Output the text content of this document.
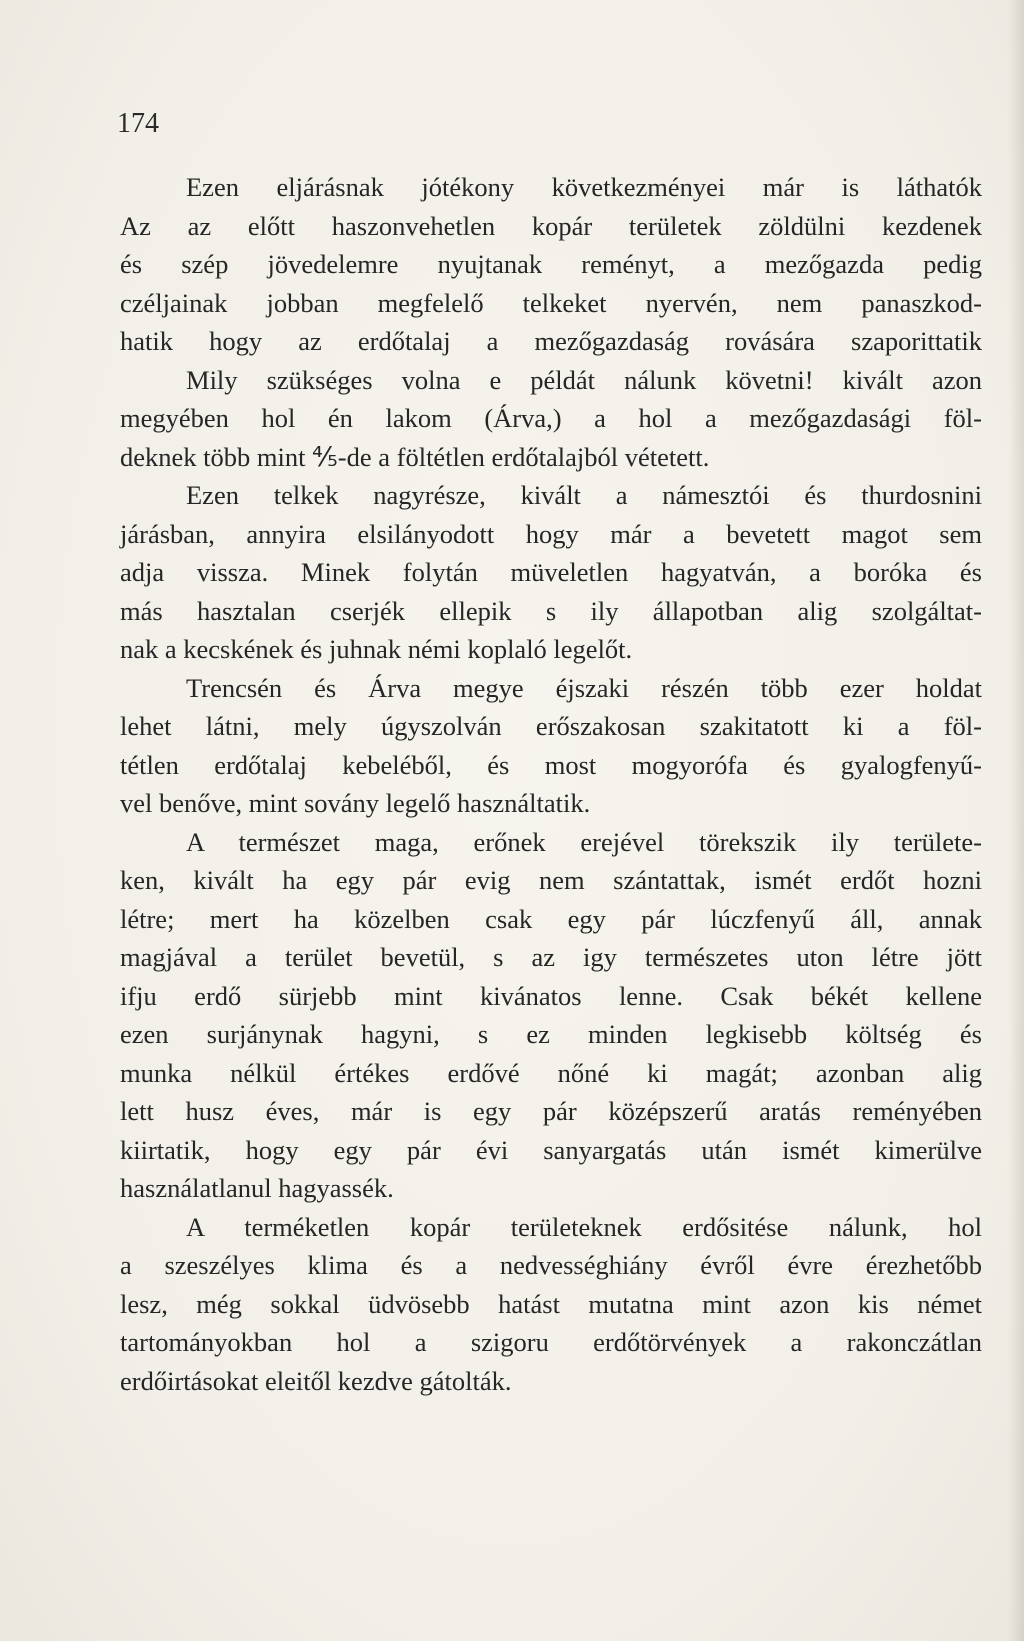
174
Ezen eljárásnak jótékony következményei már is láthatók
Az az előtt haszonvehetlen kopár területek zöldülni kezdenek
és szép jövedelemre nyujtanak reményt, a mezőgazda pedig
czéljainak jobban megfelelő telkeket nyervén, nem panaszkod-
hatik hogy az erdőtalaj a mezőgazdaság rovására szaporittatik
Mily szükséges volna e példát nálunk követni! kivált azon
megyében hol én lakom (Árva,) a hol a mezőgazdasági föl-
deknek több mint ⅘-de a föltétlen erdőtalajból vétetett.
Ezen telkek nagyrésze, kivált a námesztói és thurdosnini
járásban, annyira elsilányodott hogy már a bevetett magot sem
adja vissza. Minek folytán müveletlen hagyatván, a boróka és
más hasztalan cserjék ellepik s ily állapotban alig szolgáltat-
nak a kecskének és juhnak némi koplaló legelőt.
Trencsén és Árva megye éjszaki részén több ezer holdat
lehet látni, mely úgyszolván erőszakosan szakitatott ki a föl-
tétlen erdőtalaj kebeléből, és most mogyorófa és gyalogfenyű-
vel benőve, mint sovány legelő használtatik.
A természet maga, erőnek erejével törekszik ily területe-
ken, kivált ha egy pár evig nem szántattak, ismét erdőt hozni
létre; mert ha közelben csak egy pár lúczfenyű áll, annak
magjával a terület bevetül, s az igy természetes uton létre jött
ifju erdő sürjebb mint kivánatos lenne. Csak békét kellene
ezen surjánynak hagyni, s ez minden legkisebb költség és
munka nélkül értékes erdővé nőné ki magát; azonban alig
lett husz éves, már is egy pár középszerű aratás reményében
kiirtatik, hogy egy pár évi sanyargatás után ismét kimerülve
használatlanul hagyassék.
A terméketlen kopár területeknek erdősitése nálunk, hol
a szeszélyes klima és a nedvességhiány évről évre érezhetőbb
lesz, még sokkal üdvösebb hatást mutatna mint azon kis német
tartományokban hol a szigoru erdőtörvények a rakonczátlan
erdőirtásokat eleitől kezdve gátolták.
